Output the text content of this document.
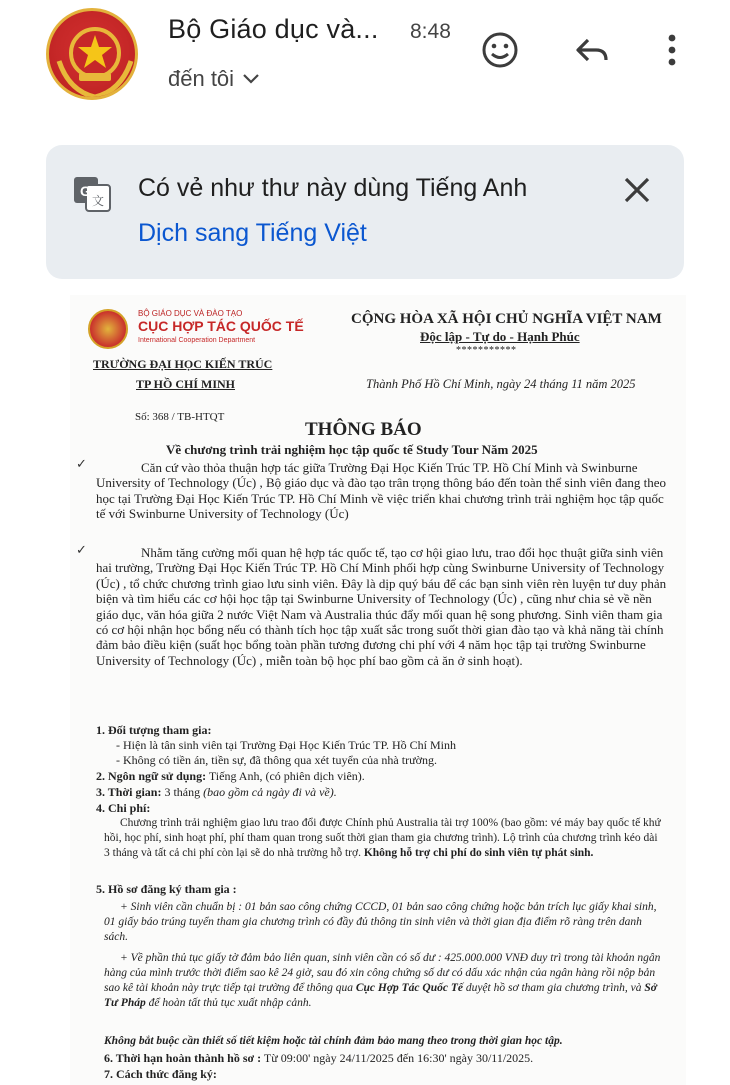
Bộ Giáo dục và... 8:48
đến tôi
G
文 Có vẻ như thư này dùng Tiếng Anh
Dịch sang Tiếng Việt
BỘ GIÁO DỤC VÀ ĐÀO TẠO
CỤC HỢP TÁC QUỐC TẾ
International Cooperation Department
TRƯỜNG ĐẠI HỌC KIẾN TRÚC
TP HỒ CHÍ MINH
CỘNG HÒA XÃ HỘI CHỦ NGHĨA VIỆT NAM
Độc lập - Tự do - Hạnh Phúc
***********
Thành Phố Hồ Chí Minh, ngày 24 tháng 11 năm 2025
Số: 368 / TB-HTQT
THÔNG BÁO
Về chương trình trải nghiệm học tập quốc tế Study Tour Năm 2025
✓	Căn cứ vào thỏa thuận hợp tác giữa Trường Đại Học Kiến Trúc TP. Hồ Chí Minh và Swinburne University of Technology (Úc) , Bộ giáo dục và đào tạo trân trọng thông báo đến toàn thể sinh viên đang theo học tại Trường Đại Học Kiến Trúc TP. Hồ Chí Minh về việc triển khai chương trình trải nghiệm học tập quốc tế với Swinburne University of Technology (Úc)
✓	Nhằm tăng cường mối quan hệ hợp tác quốc tế, tạo cơ hội giao lưu, trao đổi học thuật giữa sinh viên hai trường, Trường Đại Học Kiến Trúc TP. Hồ Chí Minh phối hợp cùng Swinburne University of Technology (Úc) , tổ chức chương trình giao lưu sinh viên. Đây là dịp quý báu để các bạn sinh viên rèn luyện tư duy phản biện và tìm hiểu các cơ hội học tập tại Swinburne University of Technology (Úc) , cũng như chia sẻ về nền giáo dục, văn hóa giữa 2 nước Việt Nam và Australia thúc đẩy mối quan hệ song phương. Sinh viên tham gia có cơ hội nhận học bổng nếu có thành tích học tập xuất sắc trong suốt thời gian đào tạo và khả năng tài chính đảm bảo điều kiện (suất học bổng toàn phần tương đương chi phí với 4 năm học tập tại trường Swinburne University of Technology (Úc) , miễn toàn bộ học phí bao gồm cả ăn ở sinh hoạt).
1. Đối tượng tham gia:
- Hiện là tân sinh viên tại Trường Đại Học Kiến Trúc TP. Hồ Chí Minh
- Không có tiền án, tiền sự, đã thông qua xét tuyển của nhà trường.
2. Ngôn ngữ sử dụng: Tiếng Anh, (có phiên dịch viên).
3. Thời gian: 3 tháng (bao gồm cả ngày đi và về).
4. Chi phí:
Chương trình trải nghiệm giao lưu trao đổi được Chính phủ Australia tài trợ 100% (bao gồm: vé máy bay quốc tế khứ hồi, học phí, sinh hoạt phí, phí tham quan trong suốt thời gian tham gia chương trình). Lộ trình của chương trình kéo dài 3 tháng và tất cả chi phí còn lại sẽ do nhà trường hỗ trợ. Không hỗ trợ chi phí do sinh viên tự phát sinh.
5. Hồ sơ đăng ký tham gia :
+ Sinh viên cần chuẩn bị : 01 bản sao công chứng CCCD, 01 bản sao công chứng hoặc bản trích lục giấy khai sinh, 01 giấy báo trúng tuyển tham gia chương trình có đầy đủ thông tin sinh viên và thời gian địa điểm rõ ràng trên danh sách.
+ Về phần thủ tục giấy tờ đảm bảo liên quan, sinh viên cần có số dư : 425.000.000 VNĐ duy trì trong tài khoản ngân hàng của mình trước thời điểm sao kê 24 giờ, sau đó xin công chứng số dư có dấu xác nhận của ngân hàng rồi nộp bản sao kê tài khoản này trực tiếp tại trường để thông qua Cục Hợp Tác Quốc Tế duyệt hồ sơ tham gia chương trình, và Sở Tư Pháp để hoàn tất thủ tục xuất nhập cảnh.
Không bắt buộc cần thiết số tiết kiệm hoặc tài chính đảm bảo mang theo trong thời gian học tập.
6. Thời hạn hoàn thành hồ sơ : Từ 09:00' ngày 24/11/2025 đến 16:30' ngày 30/11/2025.
7. Cách thức đăng ký:
